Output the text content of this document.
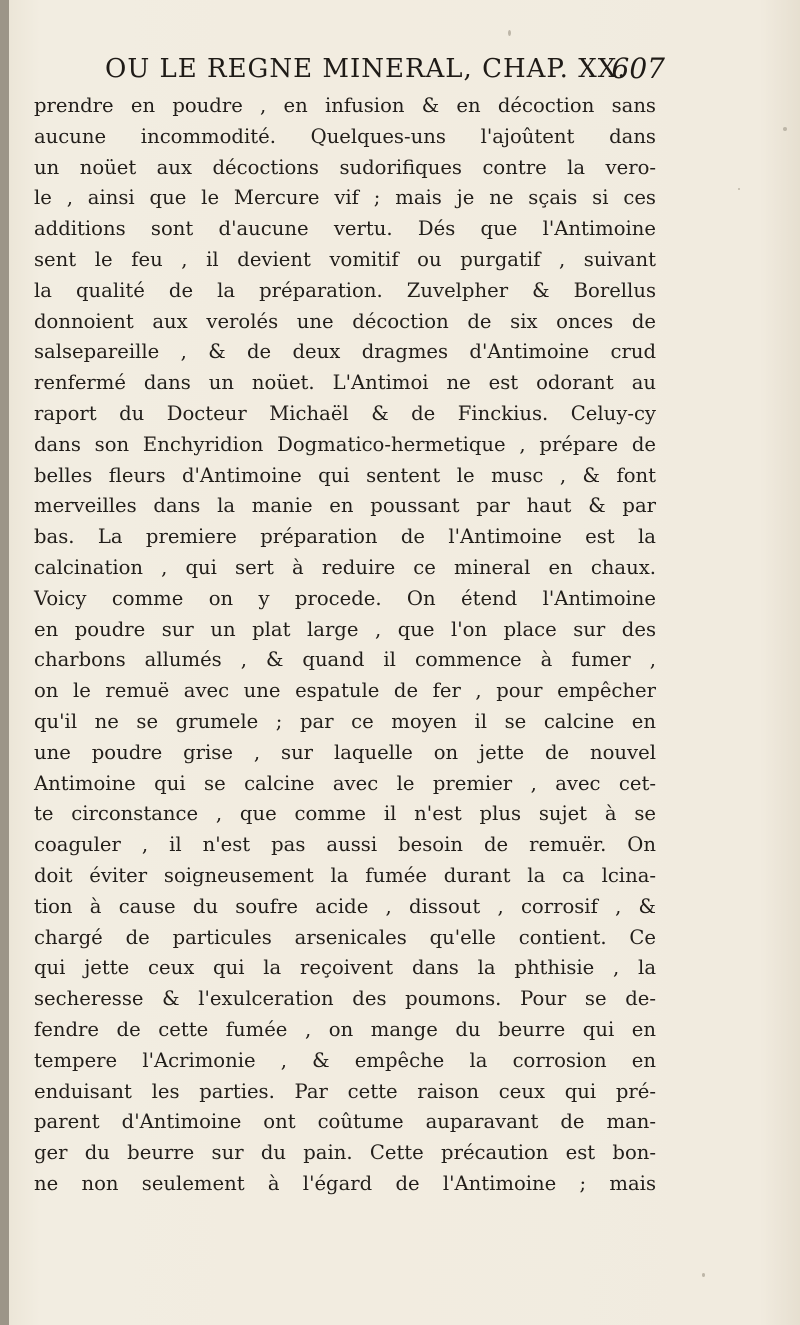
OU LE REGNE MINERAL, CHAP. XX.
607
prendre en poudre , en infusion & en décoction sans
aucune incommodité. Quelques-uns l'ajoûtent dans
un noüet aux décoctions sudorifiques contre la vero-
le , ainsi que le Mercure vif ; mais je ne sçais si ces
additions sont d'aucune vertu. Dés que l'Antimoine
sent le feu , il devient vomitif ou purgatif , suivant
la qualité de la préparation. Zuvelpher & Borellus
donnoient aux verolés une décoction de six onces de
salsepareille , & de deux dragmes d'Antimoine crud
renfermé dans un noüet. L'Antimoi ne est odorant au
raport du Docteur Michaël & de Finckius. Celuy-cy
dans son Enchyridion Dogmatico-hermetique , prépare de
belles fleurs d'Antimoine qui sentent le musc , & font
merveilles dans la manie en poussant par haut & par
bas. La premiere préparation de l'Antimoine est la
calcination , qui sert à reduire ce mineral en chaux.
Voicy comme on y procede. On étend l'Antimoine
en poudre sur un plat large , que l'on place sur des
charbons allumés , & quand il commence à fumer ,
on le remuë avec une espatule de fer , pour empêcher
qu'il ne se grumele ; par ce moyen il se calcine en
une poudre grise , sur laquelle on jette de nouvel
Antimoine qui se calcine avec le premier , avec cet-
te circonstance , que comme il n'est plus sujet à se
coaguler , il n'est pas aussi besoin de remuër. On
doit éviter soigneusement la fumée durant la ca lcina-
tion à cause du soufre acide , dissout , corrosif , &
chargé de particules arsenicales qu'elle contient. Ce
qui jette ceux qui la reçoivent dans la phthisie , la
secheresse & l'exulceration des poumons. Pour se de-
fendre de cette fumée , on mange du beurre qui en
tempere l'Acrimonie , & empêche la corrosion en
enduisant les parties. Par cette raison ceux qui pré-
parent d'Antimoine ont coûtume auparavant de man-
ger du beurre sur du pain. Cette précaution est bon-
ne non seulement à l'égard de l'Antimoine ; mais
